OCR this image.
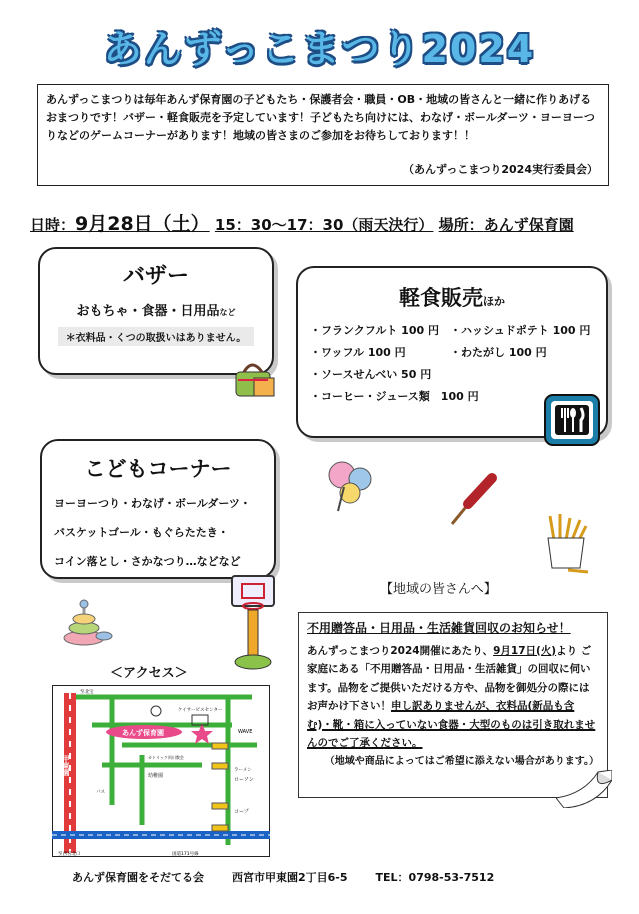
あんずっこまつり2024
あんずっこまつりは毎年あんず保育園の子どもたち・保護者会・職員・OB・地域の皆さんと一緒に作りあげるおまつりです！バザー・軽食販売を予定しています！子どもたち向けには、わなげ・ボールダーツ・ヨーヨーつりなどのゲームコーナーがあります！地域の皆さまのご参加をお待ちしております！！
（あんずっこまつり2024実行委員会）
日時：9月28日（土） 15：30～17：30（雨天決行） 場所：あんず保育園
バザー
おもちゃ・食器・日用品など
＊衣料品・くつの取扱いはありません。
軽食販売ほか
・フランクフルト 100 円 ・ハッシュドポテト 100 円
・ワッフル 100 円	・わたがし 100 円
・ソースせんべい 50 円
・コーヒー・ジュース類　100 円
こどもコーナー
ヨーヨーつり・わなげ・ボールダーツ・
バスケットゴール・もぐらたたき・
コイン落とし・さかなつり…などなど
【地域の皆さんへ】
不用贈答品・日用品・生活雑貨回収のお知らせ！
あんずっこまつり2024開催にあたり、9月17日(火)より ご家庭にある「不用贈答品・日用品・生活雑貨」の回収に伺います。品物をご提供いただける方や、品物を御処分の際にはお声かけ下さい！申し訳ありませんが、衣料品(新品も含む)・靴・箱に入っていない食器・大型のものは引き取れませんのでご了承ください。
（地域や商品によってはご希望に添えない場合があります。）
＜アクセス＞
甲東園
あんず保育園
ケイサービスセンター
WAVE
ローソン
コープ
ラーメン
幼稚園
カトリック夙川教会
至北宝
至西宮北口	国道171号線
バス
あんず保育園をそだてる会	西宮市甲東園2丁目6-5	TEL：0798-53-7512
